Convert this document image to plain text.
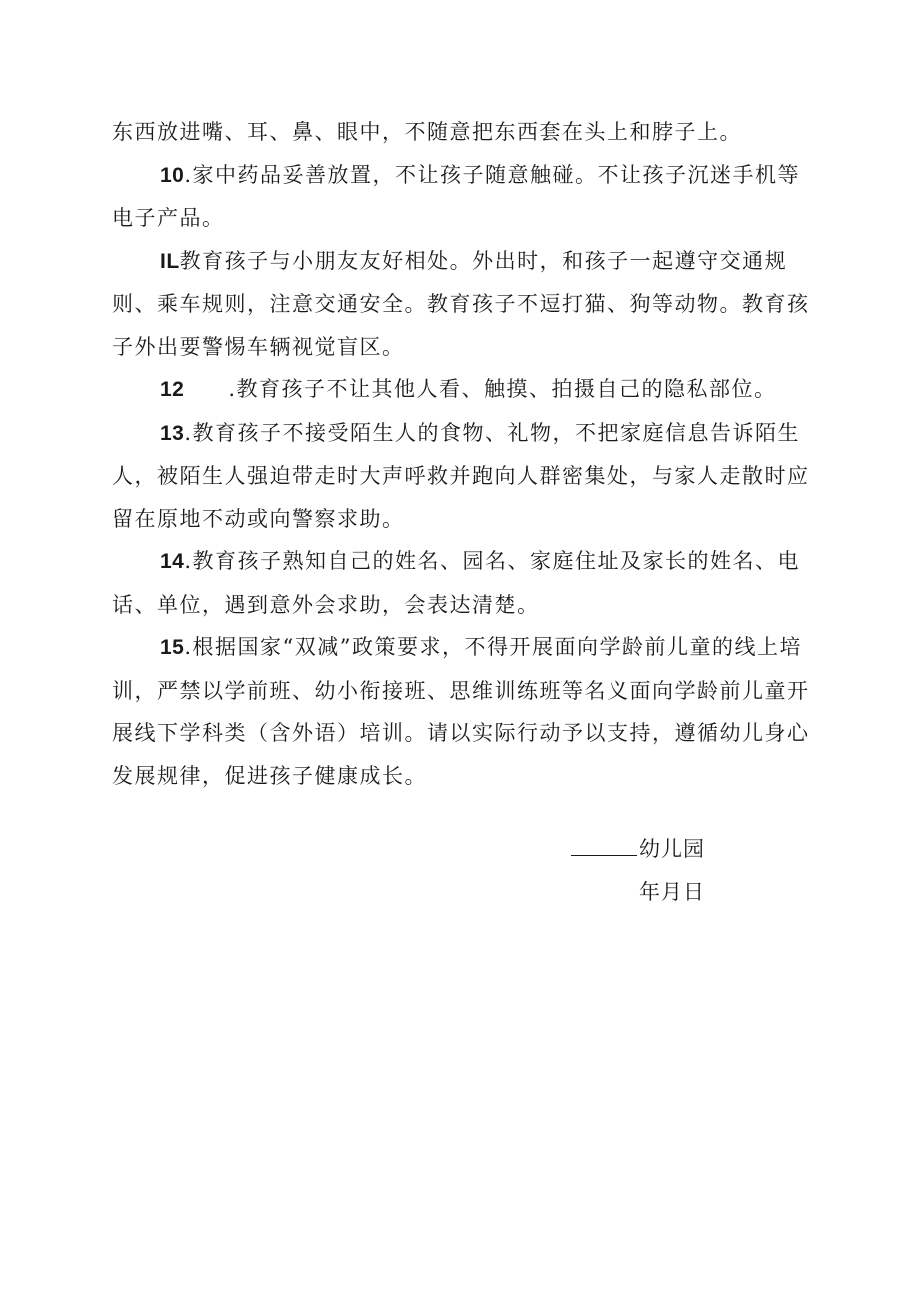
东西放进嘴、耳、鼻、眼中，不随意把东西套在头上和脖子上。

10.家中药品妥善放置，不让孩子随意触碰。不让孩子沉迷手机等电子产品。

IL教育孩子与小朋友友好相处。外出时，和孩子一起遵守交通规则、乘车规则，注意交通安全。教育孩子不逗打猫、狗等动物。教育孩子外出要警惕车辆视觉盲区。

12 .教育孩子不让其他人看、触摸、拍摄自己的隐私部位。

13.教育孩子不接受陌生人的食物、礼物，不把家庭信息告诉陌生人，被陌生人强迫带走时大声呼救并跑向人群密集处，与家人走散时应留在原地不动或向警察求助。

14.教育孩子熟知自己的姓名、园名、家庭住址及家长的姓名、电话、单位，遇到意外会求助，会表达清楚。

15.根据国家“双减”政策要求，不得开展面向学龄前儿童的线上培训，严禁以学前班、幼小衔接班、思维训练班等名义面向学龄前儿童开展线下学科类（含外语）培训。请以实际行动予以支持，遵循幼儿身心发展规律，促进孩子健康成长。

幼儿园

年月日
